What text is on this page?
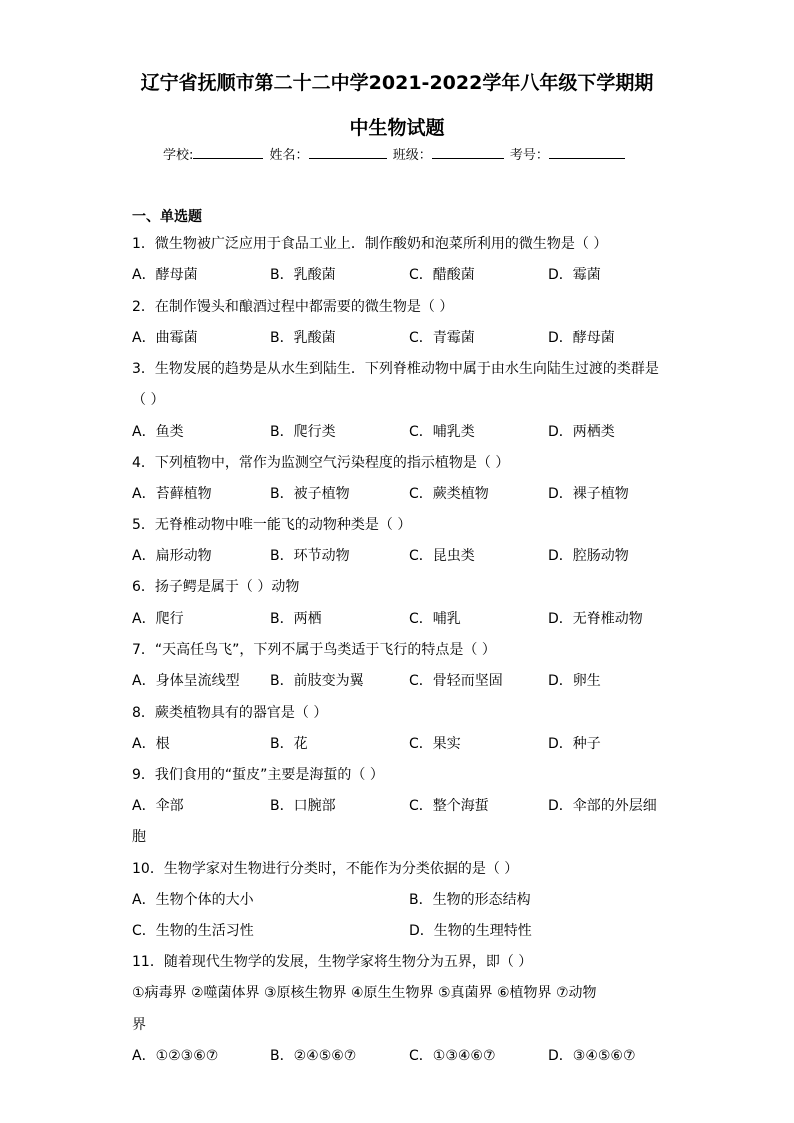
辽宁省抚顺市第二十二中学2021-2022学年八年级下学期期
中生物试题
学校:	姓名：	班级：	考号：
一、单选题
1．微生物被广泛应用于食品工业上．制作酸奶和泡菜所利用的微生物是（ ）
A．酵母菌	B．乳酸菌	C．醋酸菌	D．霉菌
2．在制作馒头和酿酒过程中都需要的微生物是（ ）
A．曲霉菌	B．乳酸菌	C．青霉菌	D．酵母菌
3．生物发展的趋势是从水生到陆生．下列脊椎动物中属于由水生向陆生过渡的类群是
（ ）
A．鱼类	B．爬行类	C．哺乳类	D．两栖类
4．下列植物中，常作为监测空气污染程度的指示植物是（ ）
A．苔藓植物	B．被子植物	C．蕨类植物	D．裸子植物
5．无脊椎动物中唯一能飞的动物种类是（ ）
A．扁形动物	B．环节动物	C．昆虫类	D．腔肠动物
6．扬子鳄是属于（ ）动物
A．爬行	B．两栖	C．哺乳	D．无脊椎动物
7．“天高任鸟飞”，下列不属于鸟类适于飞行的特点是（ ）
A．身体呈流线型 B．前肢变为翼	C．骨轻而坚固	D．卵生
8．蕨类植物具有的器官是（ ）
A．根	B．花	C．果实	D．种子
9．我们食用的“蜇皮”主要是海蜇的（ ）
A．伞部	B．口腕部	C．整个海蜇	D．伞部的外层细
胞
10．生物学家对生物进行分类时，不能作为分类依据的是（ ）
A．生物个体的大小	B．生物的形态结构
C．生物的生活习性	D．生物的生理特性
11．随着现代生物学的发展，生物学家将生物分为五界，即（ ）
①病毒界 ②噬菌体界 ③原核生物界 ④原生生物界 ⑤真菌界 ⑥植物界 ⑦动物
界
A．①②③⑥⑦	B．②④⑤⑥⑦	C．①③④⑥⑦	D．③④⑤⑥⑦
